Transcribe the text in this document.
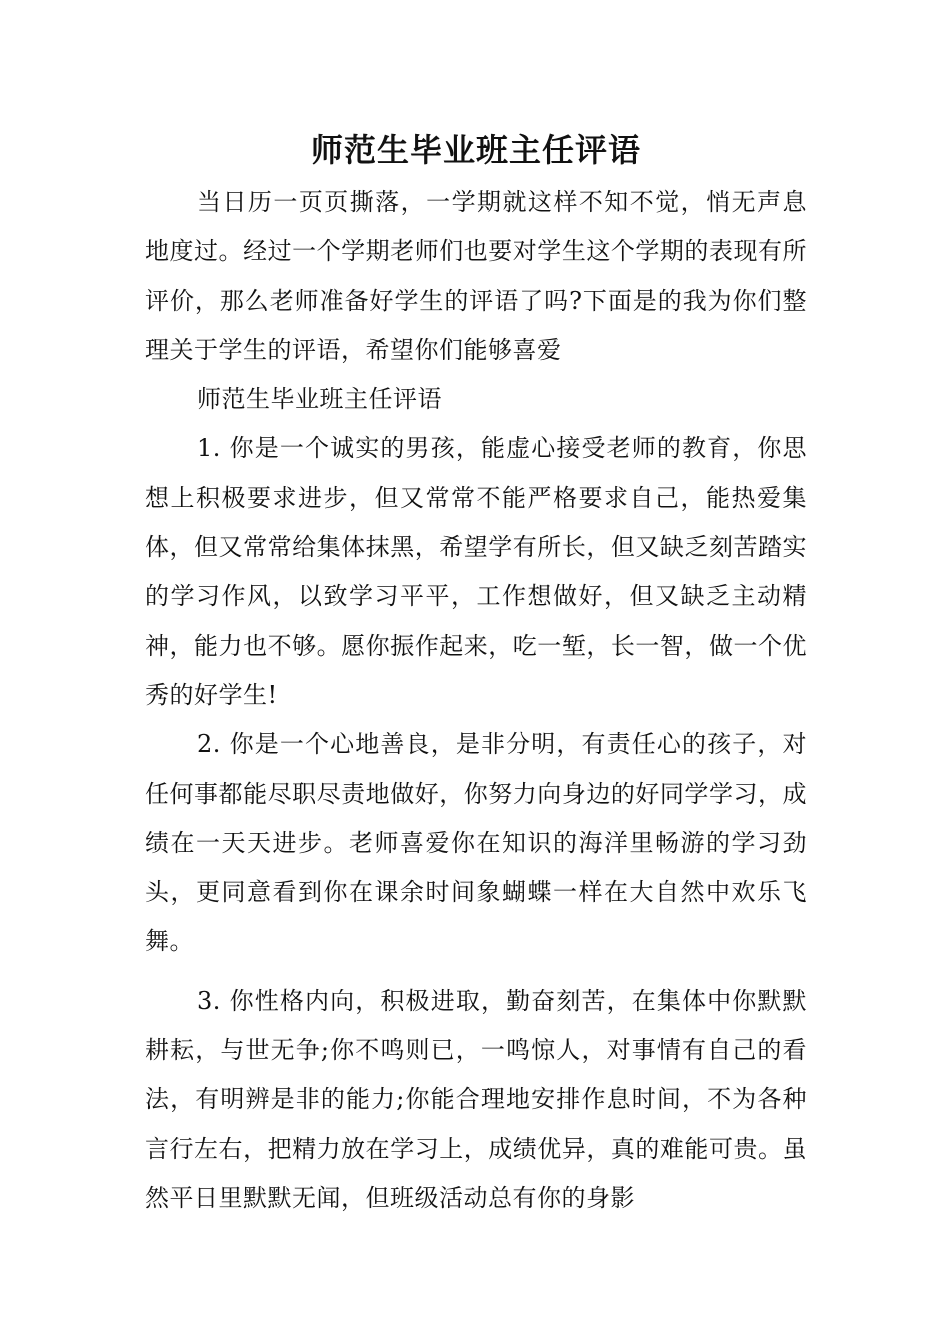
师范生毕业班主任评语

当日历一页页撕落，一学期就这样不知不觉，悄无声息地度过。经过一个学期老师们也要对学生这个学期的表现有所评价，那么老师准备好学生的评语了吗?下面是的我为你们整理关于学生的评语，希望你们能够喜爱

师范生毕业班主任评语

1. 你是一个诚实的男孩，能虚心接受老师的教育，你思想上积极要求进步，但又常常不能严格要求自己，能热爱集体，但又常常给集体抹黑，希望学有所长，但又缺乏刻苦踏实的学习作风，以致学习平平，工作想做好，但又缺乏主动精神，能力也不够。愿你振作起来，吃一堑，长一智，做一个优秀的好学生!

2. 你是一个心地善良，是非分明，有责任心的孩子，对任何事都能尽职尽责地做好，你努力向身边的好同学学习，成绩在一天天进步。老师喜爱你在知识的海洋里畅游的学习劲头，更同意看到你在课余时间象蝴蝶一样在大自然中欢乐飞舞。

3. 你性格内向，积极进取，勤奋刻苦，在集体中你默默耕耘，与世无争;你不鸣则已，一鸣惊人，对事情有自己的看法，有明辨是非的能力;你能合理地安排作息时间，不为各种言行左右，把精力放在学习上，成绩优异，真的难能可贵。虽然平日里默默无闻，但班级活动总有你的身影
